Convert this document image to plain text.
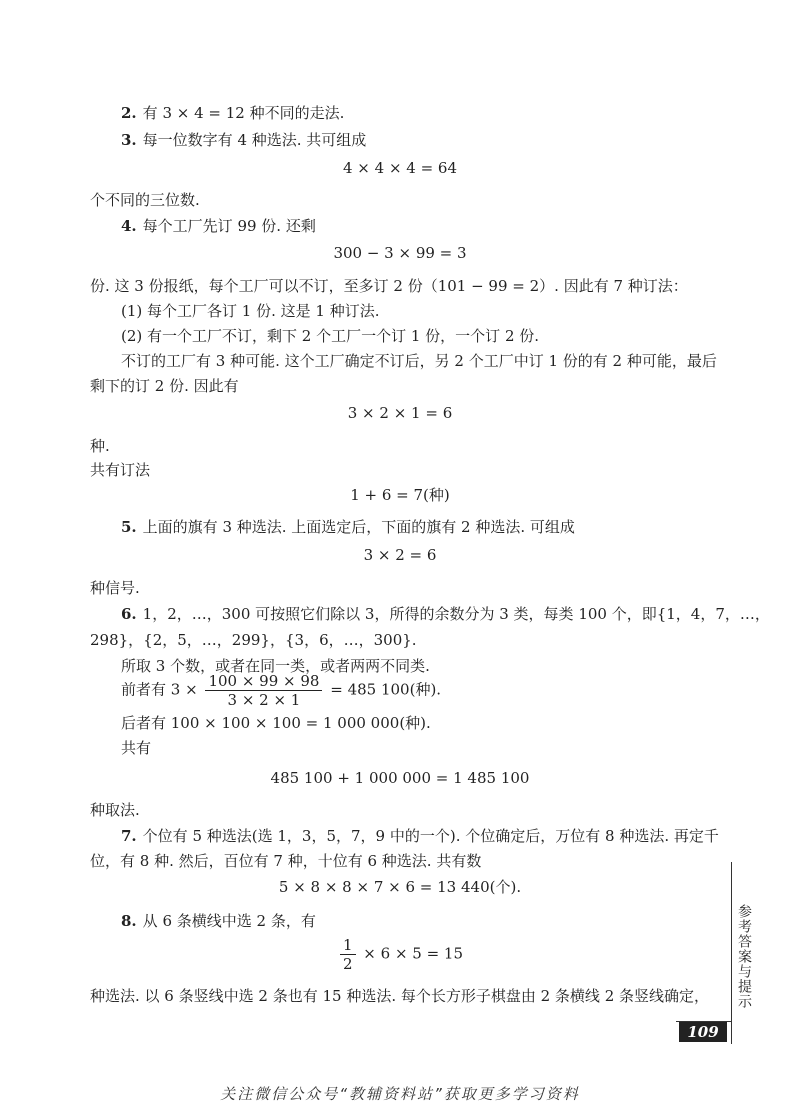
2. 有 3 × 4 = 12 种不同的走法.
3. 每一位数字有 4 种选法. 共可组成
4 × 4 × 4 = 64
个不同的三位数.
4. 每个工厂先订 99 份. 还剩
300 − 3 × 99 = 3
份. 这 3 份报纸，每个工厂可以不订，至多订 2 份（101 − 99 = 2）. 因此有 7 种订法：
(1) 每个工厂各订 1 份. 这是 1 种订法.
(2) 有一个工厂不订，剩下 2 个工厂一个订 1 份，一个订 2 份.
不订的工厂有 3 种可能. 这个工厂确定不订后，另 2 个工厂中订 1 份的有 2 种可能，最后
剩下的订 2 份. 因此有
3 × 2 × 1 = 6
种.
共有订法
1 + 6 = 7(种)
5. 上面的旗有 3 种选法. 上面选定后，下面的旗有 2 种选法. 可组成
3 × 2 = 6
种信号.
6. 1，2，…，300 可按照它们除以 3，所得的余数分为 3 类，每类 100 个，即{1，4，7，…，
298}，{2，5，…，299}，{3，6，…，300}.
所取 3 个数，或者在同一类，或者两两不同类.
前者有 $3 \times \frac{100 \times 99 \times 98}{3 \times 2 \times 1} = 485$ 100(种).
后者有 100 × 100 × 100 = 1 000 000(种).
共有
485 100 + 1 000 000 = 1 485 100
种取法.
7. 个位有 5 种选法(选 1，3，5，7，9 中的一个). 个位确定后，万位有 8 种选法. 再定千
位，有 8 种. 然后，百位有 7 种，十位有 6 种选法. 共有数
5 × 8 × 8 × 7 × 6 = 13 440(个).
8. 从 6 条横线中选 2 条，有
$\frac{1}{2} \times 6 \times 5 = 15$
种选法. 以 6 条竖线中选 2 条也有 15 种选法. 每个长方形子棋盘由 2 条横线 2 条竖线确定， 参考答案与提示
109
关注微信公众号“教辅资料站”获取更多学习资料
